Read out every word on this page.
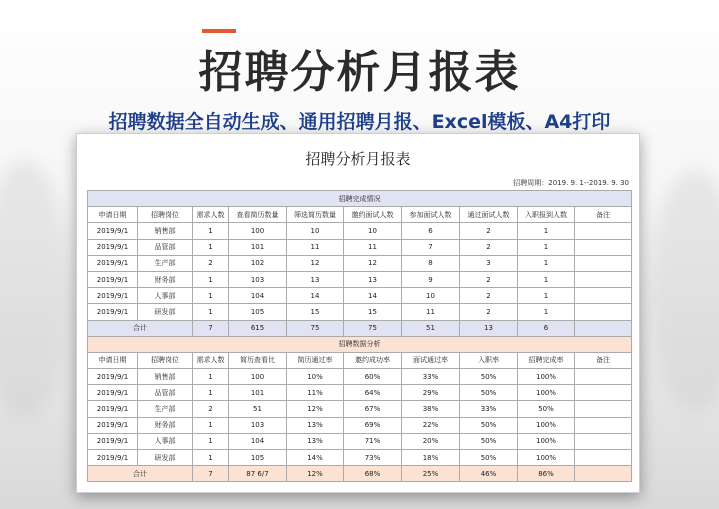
招聘分析月报表
招聘数据全自动生成、通用招聘月报、Excel模板、A4打印
招聘分析月报表
招聘周期：2019. 9. 1--2019. 9. 30
招聘完成情况									
申请日期	招聘岗位	需求人数	查看简历数量	筛选简历数量	邀约面试人数	参加面试人数	通过面试人数	入职报到人数	备注
2019/9/1	销售部	1	100	10	10	6	2	1	
2019/9/1	品管部	1	101	11	11	7	2	1	
2019/9/1	生产部	2	102	12	12	8	3	1	
2019/9/1	财务部	1	103	13	13	9	2	1	
2019/9/1	人事部	1	104	14	14	10	2	1	
2019/9/1	研发部	1	105	15	15	11	2	1	
合计		7	615	75	75	51	13	6	
招聘数据分析									
申请日期	招聘岗位	需求人数	简历查看比	简历通过率	邀约成功率	面试通过率	入职率	招聘完成率	备注
2019/9/1	销售部	1	100	10%	60%	33%	50%	100%	
2019/9/1	品管部	1	101	11%	64%	29%	50%	100%	
2019/9/1	生产部	2	51	12%	67%	38%	33%	50%	
2019/9/1	财务部	1	103	13%	69%	22%	50%	100%	
2019/9/1	人事部	1	104	13%	71%	20%	50%	100%	
2019/9/1	研发部	1	105	14%	73%	18%	50%	100%	
合计		7	87 6/7	12%	68%	25%	46%	86%	
